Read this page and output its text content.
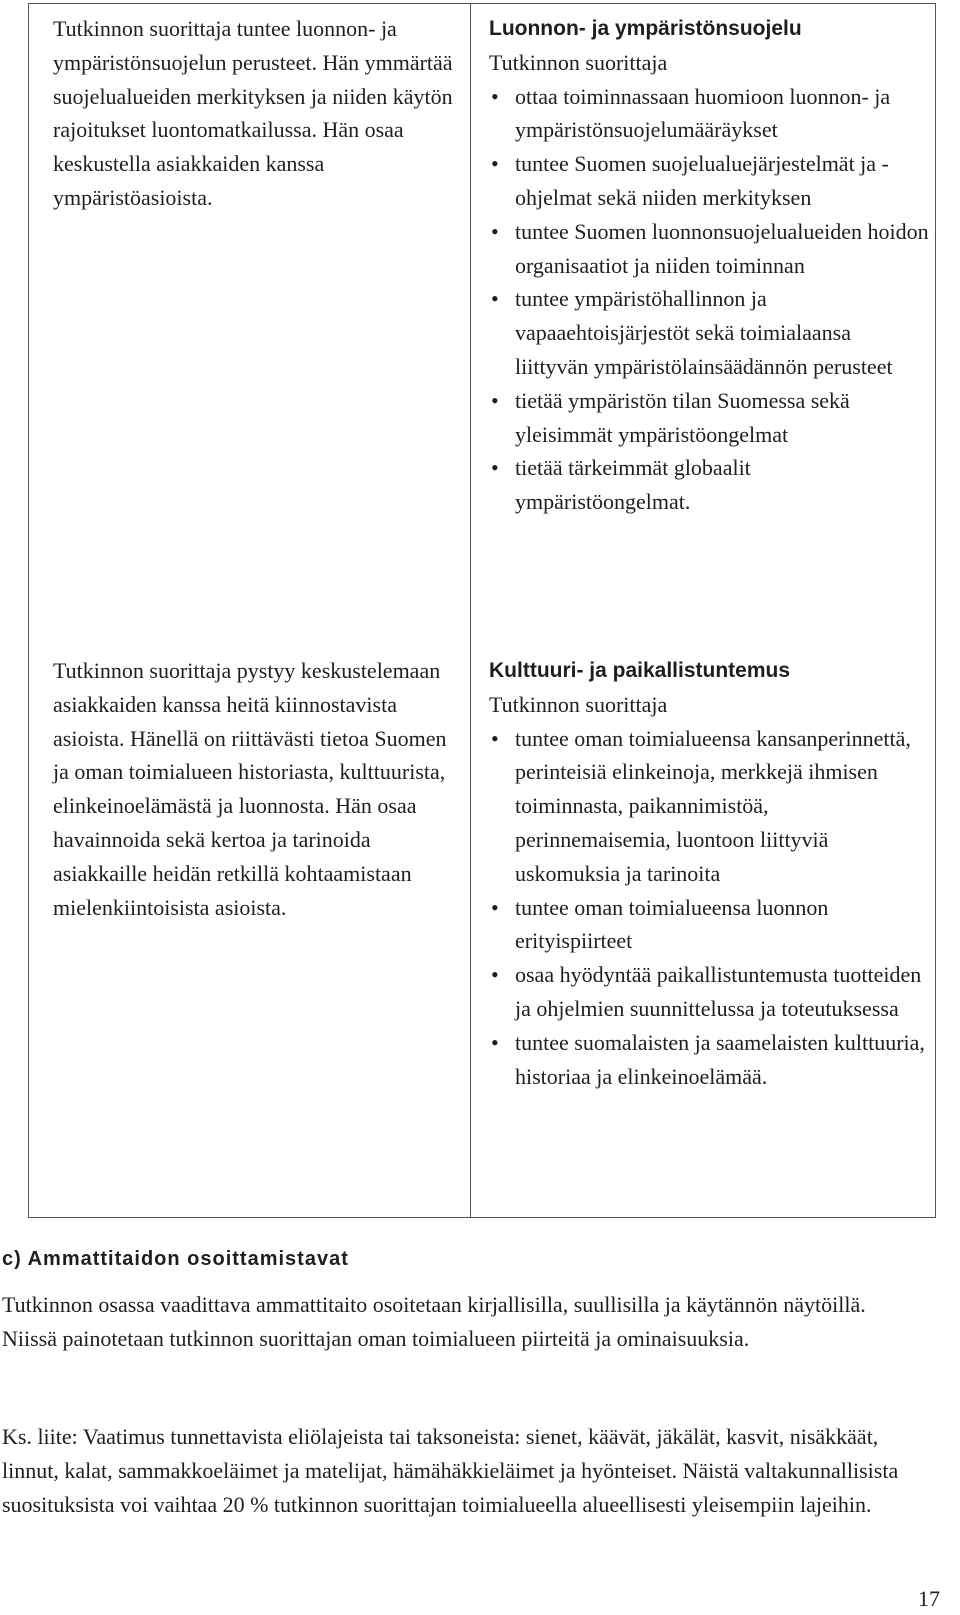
Tutkinnon suorittaja tuntee luonnon- ja ympäristönsuojelun perusteet. Hän ymmärtää suojelualueiden merkityksen ja niiden käytön rajoitukset luontomatkailussa. Hän osaa keskustella asiakkaiden kanssa ympäristöasioista.

Tutkinnon suorittaja pystyy keskustelemaan asiakkaiden kanssa heitä kiinnostavista asioista. Hänellä on riittävästi tietoa Suomen ja oman toimialueen historiasta, kulttuurista, elinkeinoelämästä ja luonnosta. Hän osaa havainnoida sekä kertoa ja tarinoida asiakkaille heidän retkillä kohtaamistaan mielenkiintoisista asioista.

Luonnon- ja ympäristönsuojelu

Tutkinnon suorittaja

• ottaa toiminnassaan huomioon luonnon- ja ympäristönsuojelumääräykset
• tuntee Suomen suojelualuejärjestelmät ja -ohjelmat sekä niiden merkityksen
• tuntee Suomen luonnonsuojelualueiden hoidon organisaatiot ja niiden toiminnan
• tuntee ympäristöhallinnon ja vapaaehtoisjärjestöt sekä toimialaansa liittyvän ympäristölainsäädännön perusteet
• tietää ympäristön tilan Suomessa sekä yleisimmät ympäristöongelmat
• tietää tärkeimmät globaalit ympäristöongelmat.

Kulttuuri- ja paikallistuntemus

Tutkinnon suorittaja

• tuntee oman toimialueensa kansanperinnettä, perinteisiä elinkeinoja, merkkejä ihmisen toiminnasta, paikannimistöä, perinnemaisemia, luontoon liittyviä uskomuksia ja tarinoita
• tuntee oman toimialueensa luonnon erityispiirteet
• osaa hyödyntää paikallistuntemusta tuotteiden ja ohjelmien suunnittelussa ja toteutuksessa
• tuntee suomalaisten ja saamelaisten kulttuuria, historiaa ja elinkeinoelämää.

c) Ammattitaidon osoittamistavat

Tutkinnon osassa vaadittava ammattitaito osoitetaan kirjallisilla, suullisilla ja käytännön näytöillä. Niissä painotetaan tutkinnon suorittajan oman toimialueen piirteitä ja ominaisuuksia.

Ks. liite: Vaatimus tunnettavista eliölajeista tai taksoneista: sienet, käävät, jäkälät, kasvit, nisäkkäät, linnut, kalat, sammakkoeläimet ja matelijat, hämähäkkieläimet ja hyönteiset. Näistä valtakunnallisista suosituksista voi vaihtaa 20 % tutkinnon suorittajan toimialueella alueellisesti yleisempiin lajeihin.

17
